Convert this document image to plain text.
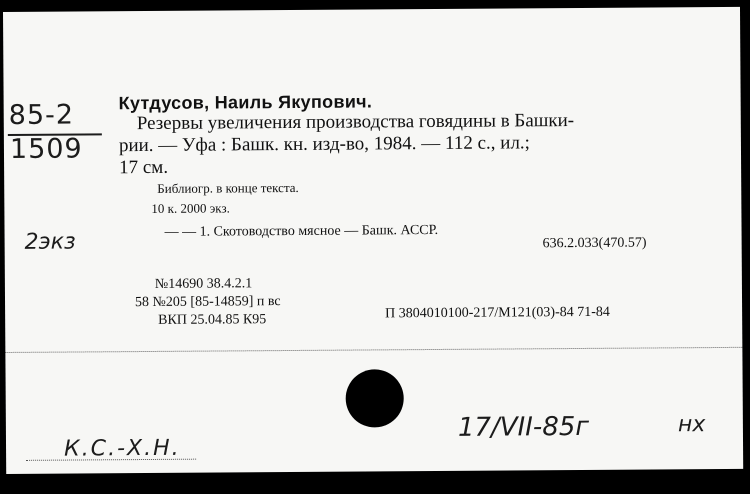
85-2
1509
Кутдусов, Наиль Якупович.
Резервы увеличения производства говядины в Башки-
рии. — Уфа : Башк. кн. изд-во, 1984. — 112 с., ил.;
17 см.
Библиогр. в конце текста.
10 к. 2000 экз.
2экз	— — 1. Скотоводство мясное — Башк. АССР.
636.2.033(470.57)
№14690 38.4.2.1
58 №205 [85-14859] п вс
ВКП 25.04.85 К95	П 3804010100-217/М121(03)-84 71-84
К.С.-Х.Н.
17/VII-85г	нх
